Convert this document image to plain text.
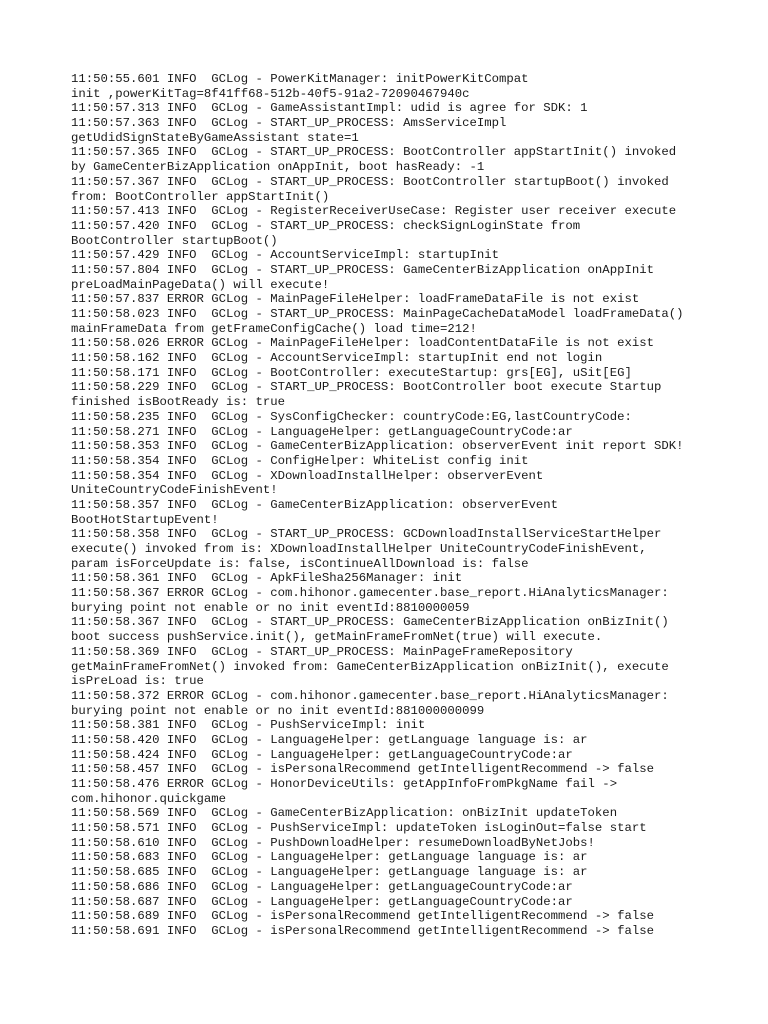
11:50:55.601 INFO  GCLog - PowerKitManager: initPowerKitCompat
init ,powerKitTag=8f41ff68-512b-40f5-91a2-72090467940c
11:50:57.313 INFO  GCLog - GameAssistantImpl: udid is agree for SDK: 1
11:50:57.363 INFO  GCLog - START_UP_PROCESS: AmsServiceImpl
getUdidSignStateByGameAssistant state=1
11:50:57.365 INFO  GCLog - START_UP_PROCESS: BootController appStartInit() invoked
by GameCenterBizApplication onAppInit, boot hasReady: -1
11:50:57.367 INFO  GCLog - START_UP_PROCESS: BootController startupBoot() invoked
from: BootController appStartInit()
11:50:57.413 INFO  GCLog - RegisterReceiverUseCase: Register user receiver execute
11:50:57.420 INFO  GCLog - START_UP_PROCESS: checkSignLoginState from
BootController startupBoot()
11:50:57.429 INFO  GCLog - AccountServiceImpl: startupInit
11:50:57.804 INFO  GCLog - START_UP_PROCESS: GameCenterBizApplication onAppInit
preLoadMainPageData() will execute!
11:50:57.837 ERROR GCLog - MainPageFileHelper: loadFrameDataFile is not exist
11:50:58.023 INFO  GCLog - START_UP_PROCESS: MainPageCacheDataModel loadFrameData()
mainFrameData from getFrameConfigCache() load time=212!
11:50:58.026 ERROR GCLog - MainPageFileHelper: loadContentDataFile is not exist
11:50:58.162 INFO  GCLog - AccountServiceImpl: startupInit end not login
11:50:58.171 INFO  GCLog - BootController: executeStartup: grs[EG], uSit[EG]
11:50:58.229 INFO  GCLog - START_UP_PROCESS: BootController boot execute Startup
finished isBootReady is: true
11:50:58.235 INFO  GCLog - SysConfigChecker: countryCode:EG,lastCountryCode:
11:50:58.271 INFO  GCLog - LanguageHelper: getLanguageCountryCode:ar
11:50:58.353 INFO  GCLog - GameCenterBizApplication: observerEvent init report SDK!
11:50:58.354 INFO  GCLog - ConfigHelper: WhiteList config init
11:50:58.354 INFO  GCLog - XDownloadInstallHelper: observerEvent
UniteCountryCodeFinishEvent!
11:50:58.357 INFO  GCLog - GameCenterBizApplication: observerEvent
BootHotStartupEvent!
11:50:58.358 INFO  GCLog - START_UP_PROCESS: GCDownloadInstallServiceStartHelper
execute() invoked from is: XDownloadInstallHelper UniteCountryCodeFinishEvent,
param isForceUpdate is: false, isContinueAllDownload is: false
11:50:58.361 INFO  GCLog - ApkFileSha256Manager: init
11:50:58.367 ERROR GCLog - com.hihonor.gamecenter.base_report.HiAnalyticsManager:
burying point not enable or no init eventId:8810000059
11:50:58.367 INFO  GCLog - START_UP_PROCESS: GameCenterBizApplication onBizInit()
boot success pushService.init(), getMainFrameFromNet(true) will execute.
11:50:58.369 INFO  GCLog - START_UP_PROCESS: MainPageFrameRepository
getMainFrameFromNet() invoked from: GameCenterBizApplication onBizInit(), execute
isPreLoad is: true
11:50:58.372 ERROR GCLog - com.hihonor.gamecenter.base_report.HiAnalyticsManager:
burying point not enable or no init eventId:881000000099
11:50:58.381 INFO  GCLog - PushServiceImpl: init
11:50:58.420 INFO  GCLog - LanguageHelper: getLanguage language is: ar
11:50:58.424 INFO  GCLog - LanguageHelper: getLanguageCountryCode:ar
11:50:58.457 INFO  GCLog - isPersonalRecommend getIntelligentRecommend -> false
11:50:58.476 ERROR GCLog - HonorDeviceUtils: getAppInfoFromPkgName fail ->
com.hihonor.quickgame
11:50:58.569 INFO  GCLog - GameCenterBizApplication: onBizInit updateToken
11:50:58.571 INFO  GCLog - PushServiceImpl: updateToken isLoginOut=false start
11:50:58.610 INFO  GCLog - PushDownloadHelper: resumeDownloadByNetJobs!
11:50:58.683 INFO  GCLog - LanguageHelper: getLanguage language is: ar
11:50:58.685 INFO  GCLog - LanguageHelper: getLanguage language is: ar
11:50:58.686 INFO  GCLog - LanguageHelper: getLanguageCountryCode:ar
11:50:58.687 INFO  GCLog - LanguageHelper: getLanguageCountryCode:ar
11:50:58.689 INFO  GCLog - isPersonalRecommend getIntelligentRecommend -> false
11:50:58.691 INFO  GCLog - isPersonalRecommend getIntelligentRecommend -> false
